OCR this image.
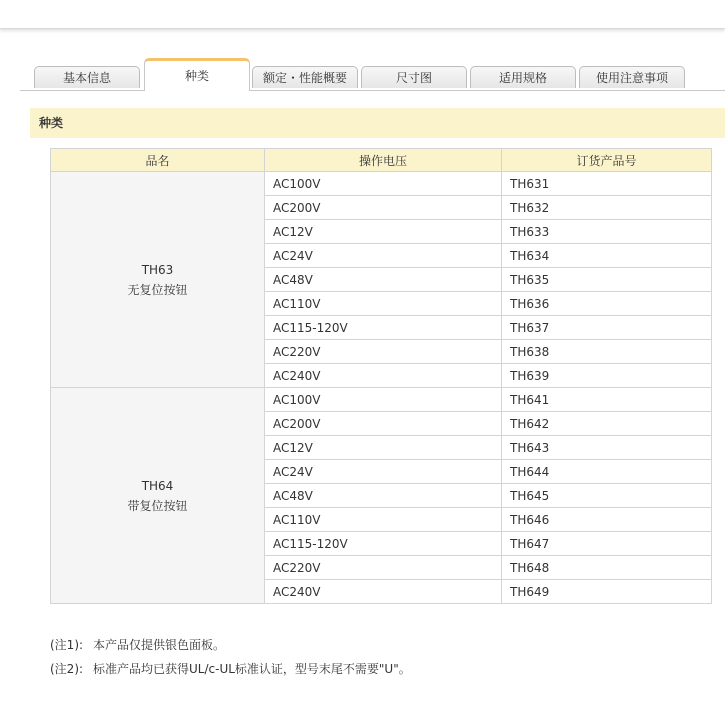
基本信息	种类	额定・性能概要	尺寸图	适用规格	使用注意事项
种类
品名	操作电压	订货产品号

TH63
无复位按钮	AC100V	TH631
	AC200V	TH632
	AC12V	TH633
	AC24V	TH634
	AC48V	TH635
	AC110V	TH636
	AC115-120V	TH637
	AC220V	TH638
	AC240V	TH639

TH64
带复位按钮	AC100V	TH641
	AC200V	TH642
	AC12V	TH643
	AC24V	TH644
	AC48V	TH645
	AC110V	TH646
	AC115-120V	TH647
	AC220V	TH648
	AC240V	TH649
(注1): 本产品仅提供银色面板。
(注2): 标准产品均已获得UL/c-UL标准认证，型号末尾不需要"U"。
